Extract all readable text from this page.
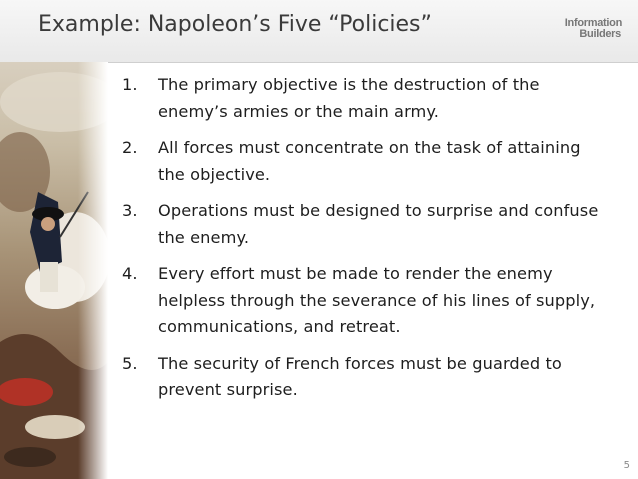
Example: Napoleon’s Five “Policies”	Information
Builders
1. The primary objective is the destruction of the enemy’s armies or the main army.
2. All forces must concentrate on the task of attaining the objective.
3. Operations must be designed to surprise and confuse the enemy.
4. Every effort must be made to render the enemy helpless through the severance of his lines of supply, communications, and retreat.
5. The security of French forces must be guarded to prevent surprise.
5
